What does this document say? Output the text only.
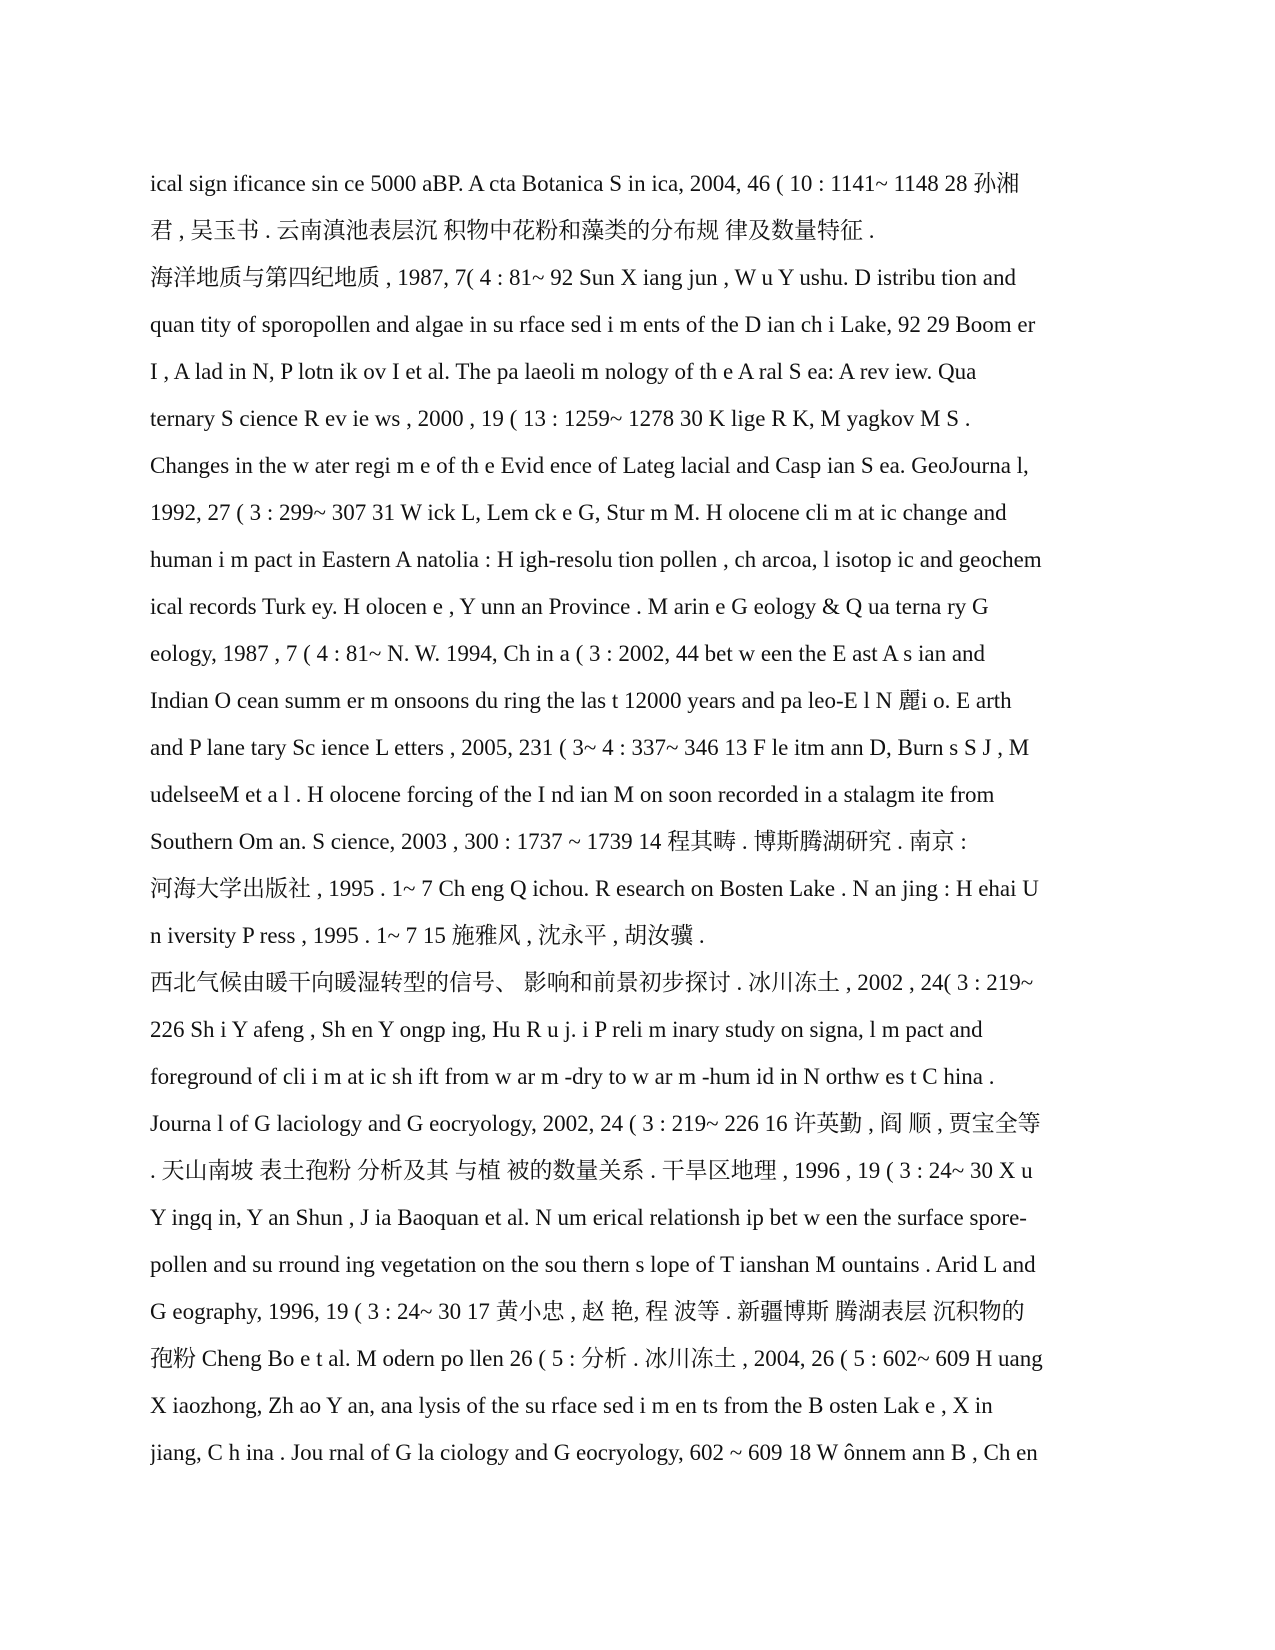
ical sign ificance sin ce 5000 aBP. A cta Botanica S in ica, 2004, 46 ( 10 : 1141~ 1148 28 孙湘
君 , 吴玉书 . 云南滇池表层沉 积物中花粉和藻类的分布规 律及数量特征 .
海洋地质与第四纪地质 , 1987, 7( 4 : 81~ 92 Sun X iang jun , W u Y ushu. D istribu tion and
quan tity of sporopollen and algae in su rface sed i m ents of the D ian ch i Lake, 92 29 Boom er
I , A lad in N, P lotn ik ov I et al. The pa laeoli m nology of th e A ral S ea: A rev iew. Qua
ternary S cience R ev ie ws , 2000 , 19 ( 13 : 1259~ 1278 30 K lige R K, M yagkov M S .
Changes in the w ater regi m e of th e Evid ence of Lateg lacial and Casp ian S ea. GeoJourna l,
1992, 27 ( 3 : 299~ 307 31 W ick L, Lem ck e G, Stur m M. H olocene cli m at ic change and
human i m pact in Eastern A natolia : H igh-resolu tion pollen , ch arcoa, l isotop ic and geochem
ical records Turk ey. H olocen e , Y unn an Province . M arin e G eology & Q ua terna ry G
eology, 1987 , 7 ( 4 : 81~ N. W. 1994, Ch in a ( 3 : 2002, 44 bet w een the E ast A s ian and
Indian O cean summ er m onsoons du ring the las t 12000 years and pa leo-E l N 麗i o. E arth
and P lane tary Sc ience L etters , 2005, 231 ( 3~ 4 : 337~ 346 13 F le itm ann D, Burn s S J , M
udelseeM et a l . H olocene forcing of the I nd ian M on soon recorded in a stalagm ite from
Southern Om an. S cience, 2003 , 300 : 1737 ~ 1739 14 程其畴 . 博斯腾湖研究 . 南京 :
河海大学出版社 , 1995 . 1~ 7 Ch eng Q ichou. R esearch on Bosten Lake . N an jing : H ehai U
n iversity P ress , 1995 . 1~ 7 15 施雅风 , 沈永平 , 胡汝骥 .
西北气候由暖干向暖湿转型的信号、 影响和前景初步探讨 . 冰川冻土 , 2002 , 24( 3 : 219~
226 Sh i Y afeng , Sh en Y ongp ing, Hu R u j. i P reli m inary study on signa, l m pact and
foreground of cli i m at ic sh ift from w ar m -dry to w ar m -hum id in N orthw es t C hina .
Journa l of G laciology and G eocryology, 2002, 24 ( 3 : 219~ 226 16 许英勤 , 阎 顺 , 贾宝全等
. 天山南坡 表土孢粉 分析及其 与植 被的数量关系 . 干旱区地理 , 1996 , 19 ( 3 : 24~ 30 X u
Y ingq in, Y an Shun , J ia Baoquan et al. N um erical relationsh ip bet w een the surface spore-
pollen and su rround ing vegetation on the sou thern s lope of T ianshan M ountains . Arid L and
G eography, 1996, 19 ( 3 : 24~ 30 17 黄小忠 , 赵 艳, 程 波等 . 新疆博斯 腾湖表层 沉积物的
孢粉 Cheng Bo e t al. M odern po llen 26 ( 5 : 分析 . 冰川冻土 , 2004, 26 ( 5 : 602~ 609 H uang
X iaozhong, Zh ao Y an, ana lysis of the su rface sed i m en ts from the B osten Lak e , X in
jiang, C h ina . Jou rnal of G la ciology and G eocryology, 602 ~ 609 18 W ônnem ann B , Ch en
